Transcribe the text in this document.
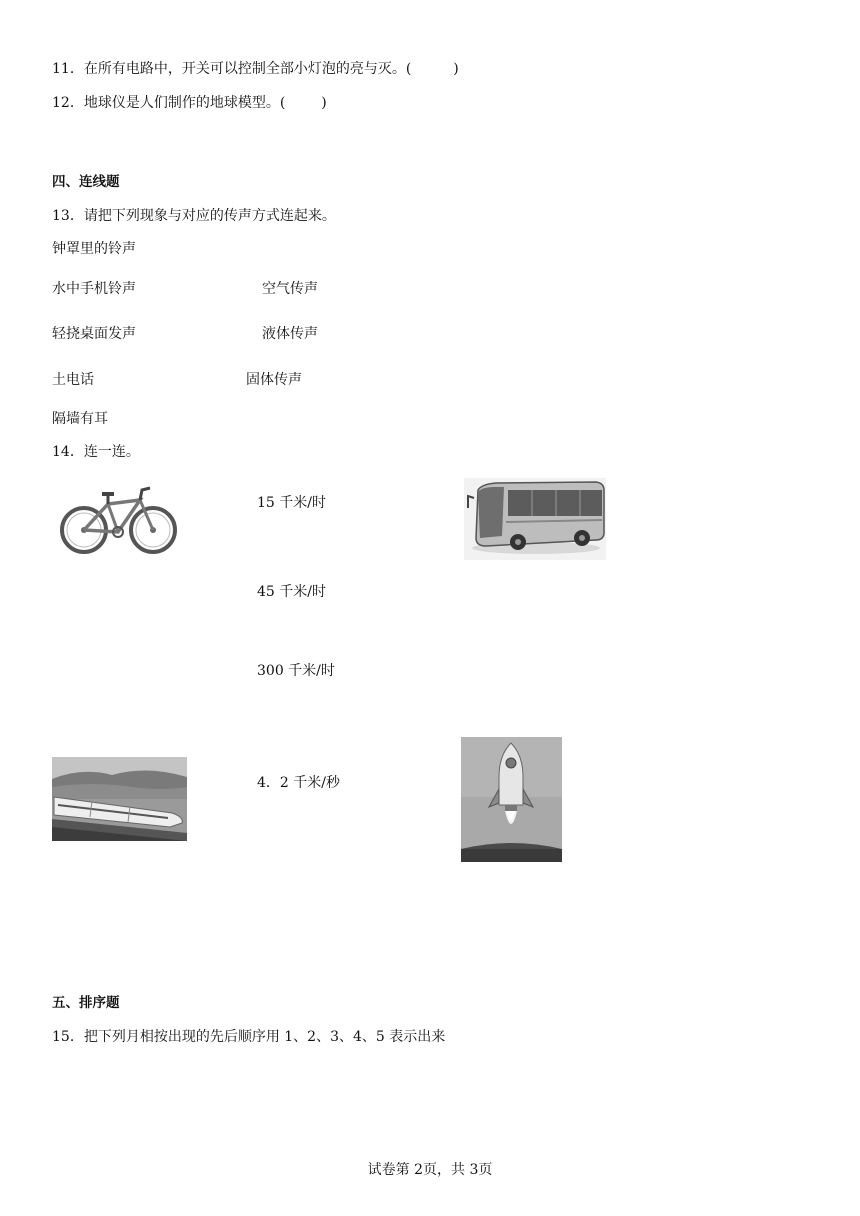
11．在所有电路中，开关可以控制全部小灯泡的亮与灭。(	)
12．地球仪是人们制作的地球模型。(	)
四、连线题
13．请把下列现象与对应的传声方式连起来。
钟罩里的铃声
水中手机铃声	空气传声
轻挠桌面发声	液体传声
土电话	固体传声
隔墙有耳
14．连一连。
15 千米/时
45 千米/时
300 千米/时
4．2 千米/秒
五、排序题
15．把下列月相按出现的先后顺序用 1、2、3、4、5 表示出来
试卷第 2页，共 3页
